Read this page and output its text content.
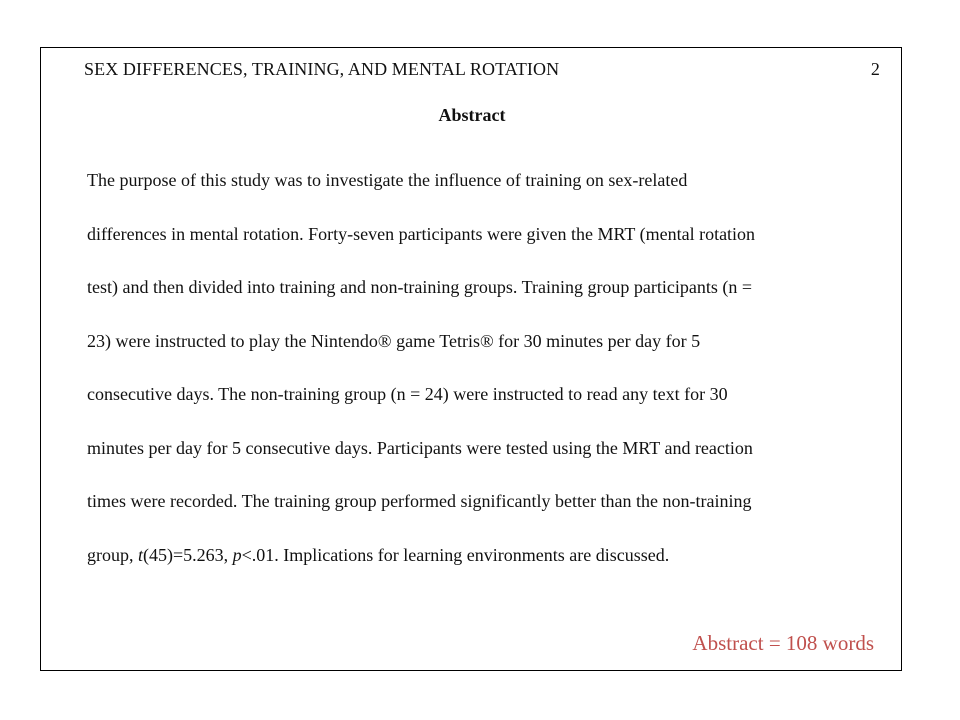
SEX DIFFERENCES, TRAINING, AND MENTAL ROTATION	2
Abstract
The purpose of this study was to investigate the influence of training on sex-related
differences in mental rotation. Forty-seven participants were given the MRT (mental rotation
test) and then divided into training and non-training groups. Training group participants (n =
23) were instructed to play the Nintendo® game Tetris® for 30 minutes per day for 5
consecutive days. The non-training group (n = 24) were instructed to read any text for 30
minutes per day for 5 consecutive days. Participants were tested using the MRT and reaction
times were recorded. The training group performed significantly better than the non-training
group, t(45)=5.263, p<.01. Implications for learning environments are discussed.
Abstract = 108 words
